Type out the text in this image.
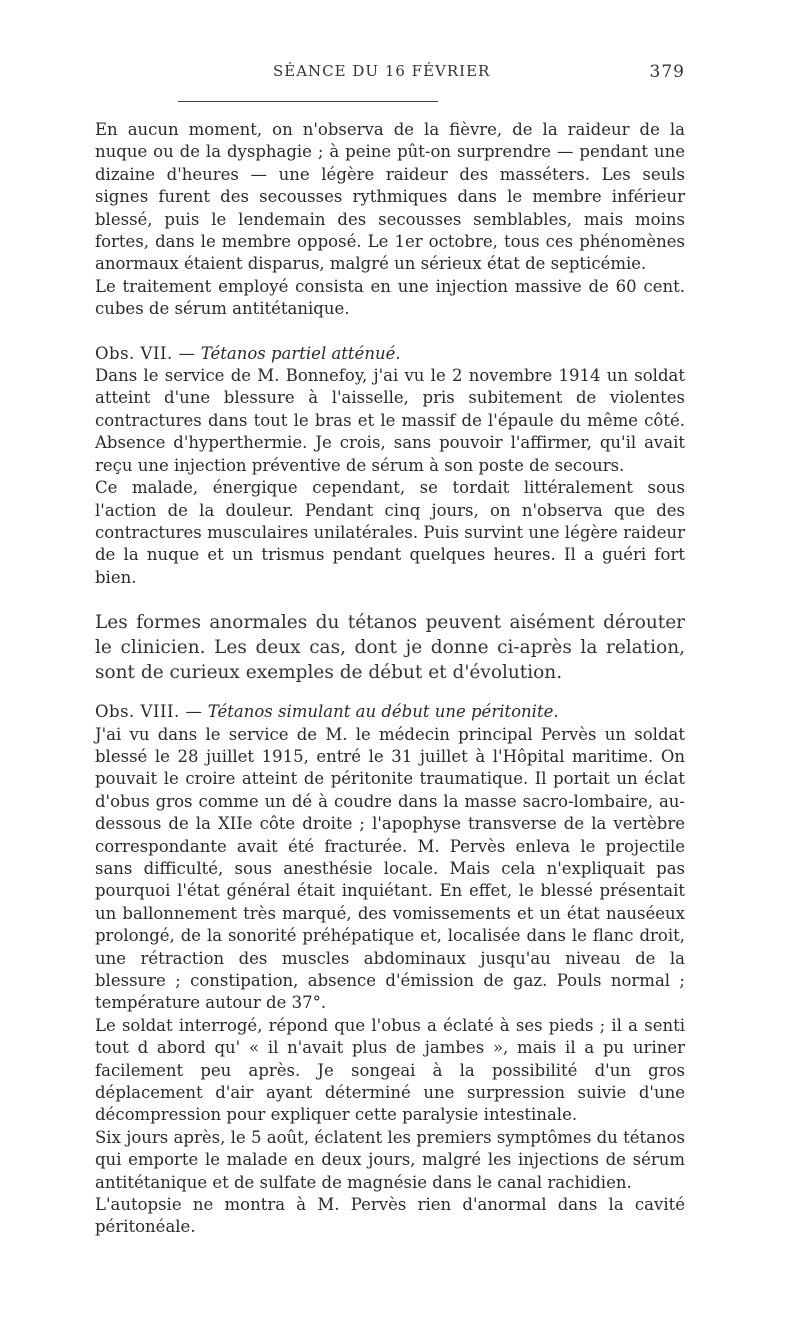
SÉANCE DU 16 FÉVRIER	379

En aucun moment, on n'observa de la fièvre, de la raideur de la nuque ou de la dysphagie ; à peine pût-on surprendre — pendant une dizaine d'heures — une légère raideur des masséters. Les seuls signes furent des secousses rythmiques dans le membre inférieur blessé, puis le lendemain des secousses semblables, mais moins fortes, dans le membre opposé. Le 1er octobre, tous ces phénomènes anormaux étaient disparus, malgré un sérieux état de septicémie.

Le traitement employé consista en une injection massive de 60 cent. cubes de sérum antitétanique.

Obs. VII. — Tétanos partiel atténué.

Dans le service de M. Bonnefoy, j'ai vu le 2 novembre 1914 un soldat atteint d'une blessure à l'aisselle, pris subitement de violentes contractures dans tout le bras et le massif de l'épaule du même côté. Absence d'hyperthermie. Je crois, sans pouvoir l'affirmer, qu'il avait reçu une injection préventive de sérum à son poste de secours.

Ce malade, énergique cependant, se tordait littéralement sous l'action de la douleur. Pendant cinq jours, on n'observa que des contractures musculaires unilatérales. Puis survint une légère raideur de la nuque et un trismus pendant quelques heures. Il a guéri fort bien.

Les formes anormales du tétanos peuvent aisément dérouter le clinicien. Les deux cas, dont je donne ci-après la relation, sont de curieux exemples de début et d'évolution.

Obs. VIII. — Tétanos simulant au début une péritonite.

J'ai vu dans le service de M. le médecin principal Pervès un soldat blessé le 28 juillet 1915, entré le 31 juillet à l'Hôpital maritime. On pouvait le croire atteint de péritonite traumatique. Il portait un éclat d'obus gros comme un dé à coudre dans la masse sacro-lombaire, au-dessous de la XIIe côte droite ; l'apophyse transverse de la vertèbre correspondante avait été fracturée. M. Pervès enleva le projectile sans difficulté, sous anesthésie locale. Mais cela n'expliquait pas pourquoi l'état général était inquiétant. En effet, le blessé présentait un ballonnement très marqué, des vomissements et un état nauséeux prolongé, de la sonorité préhépatique et, localisée dans le flanc droit, une rétraction des muscles abdominaux jusqu'au niveau de la blessure ; constipation, absence d'émission de gaz. Pouls normal ; température autour de 37°.

Le soldat interrogé, répond que l'obus a éclaté à ses pieds ; il a senti tout d abord qu' « il n'avait plus de jambes », mais il a pu uriner facilement peu après. Je songeai à la possibilité d'un gros déplacement d'air ayant déterminé une surpression suivie d'une décompression pour expliquer cette paralysie intestinale.

Six jours après, le 5 août, éclatent les premiers symptômes du tétanos qui emporte le malade en deux jours, malgré les injections de sérum antitétanique et de sulfate de magnésie dans le canal rachidien.

L'autopsie ne montra à M. Pervès rien d'anormal dans la cavité péritonéale.
